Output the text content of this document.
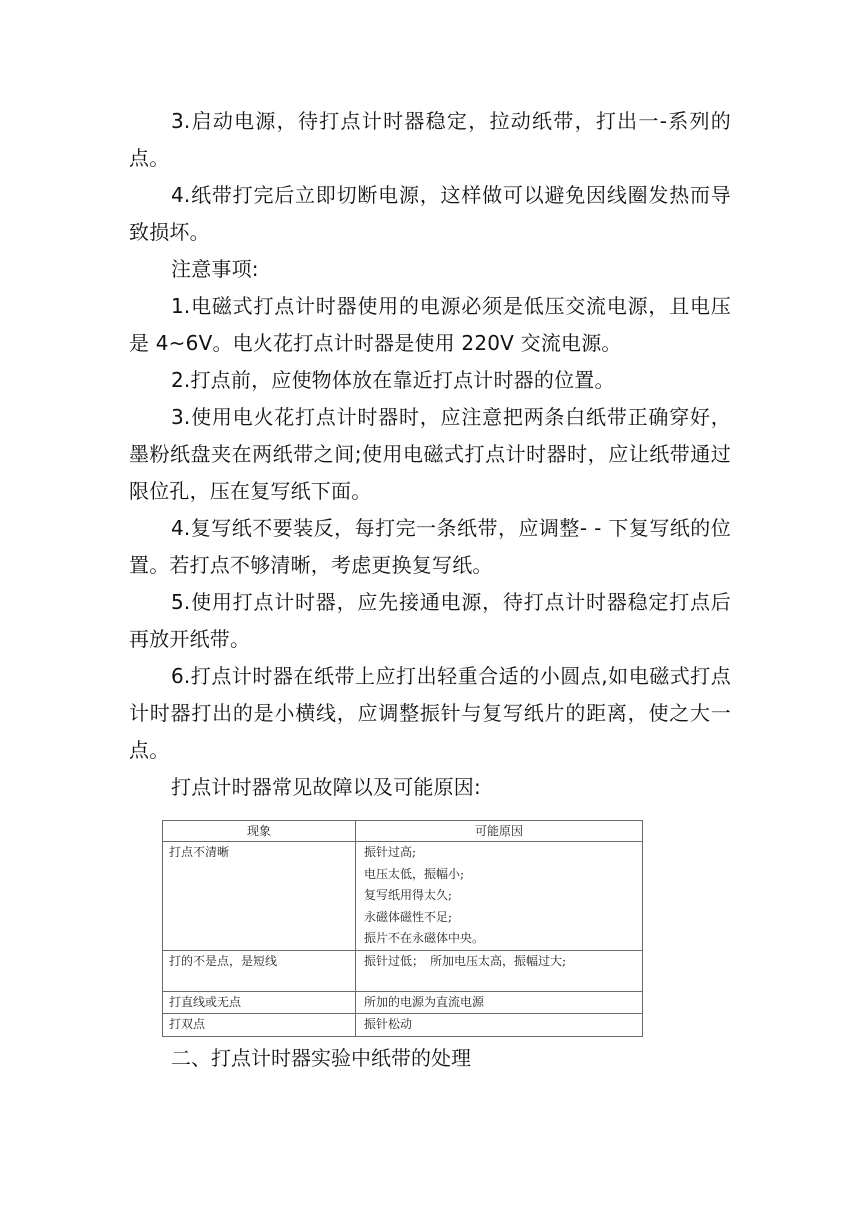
3.启动电源，待打点计时器稳定，拉动纸带，打出一-系列的点。

4.纸带打完后立即切断电源，这样做可以避免因线圈发热而导致损坏。

注意事项:

1.电磁式打点计时器使用的电源必须是低压交流电源，且电压是 4~6V。电火花打点计时器是使用 220V 交流电源。

2.打点前，应使物体放在靠近打点计时器的位置。

3.使用电火花打点计时器时，应注意把两条白纸带正确穿好，墨粉纸盘夹在两纸带之间;使用电磁式打点计时器时，应让纸带通过限位孔，压在复写纸下面。

4.复写纸不要装反，每打完一条纸带，应调整- - 下复写纸的位置。若打点不够清晰，考虑更换复写纸。

5.使用打点计时器，应先接通电源，待打点计时器稳定打点后再放开纸带。

6.打点计时器在纸带上应打出轻重合适的小圆点,如电磁式打点计时器打出的是小横线，应调整振针与复写纸片的距离，使之大一点。

打点计时器常见故障以及可能原因:

现象	可能原因

打点不清晰	振针过高;
电压太低，振幅小;
复写纸用得太久;
永磁体磁性不足;
振片不在永磁体中央。

打的不是点，是短线	振针过低；　所加电压太高，振幅过大;

打直线或无点	所加的电源为直流电源

打双点	振针松动

二、打点计时器实验中纸带的处理
